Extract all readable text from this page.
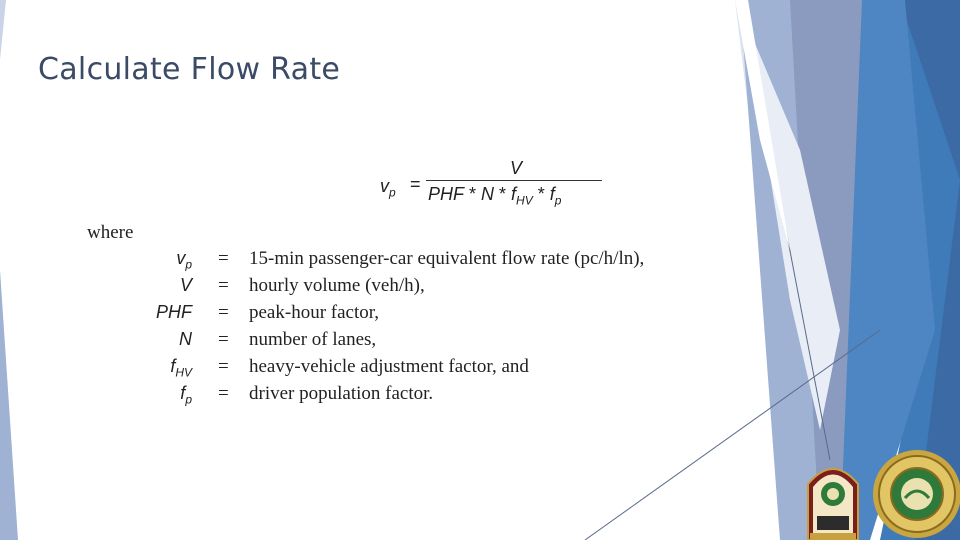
Calculate Flow Rate
$v_p$ =
V
PHF * N * $f_{HV} * f_p$
where
$v_p = 15-\min$ passenger-car equivalent flow rate (pc/h/ln),
V = hourly volume (veh/h),
PHF = peak-hour factor,
N = number of lanes,
$f_{HV}$ = heavy-vehicle adjustment factor, and
$f_p$ = driver population factor.
